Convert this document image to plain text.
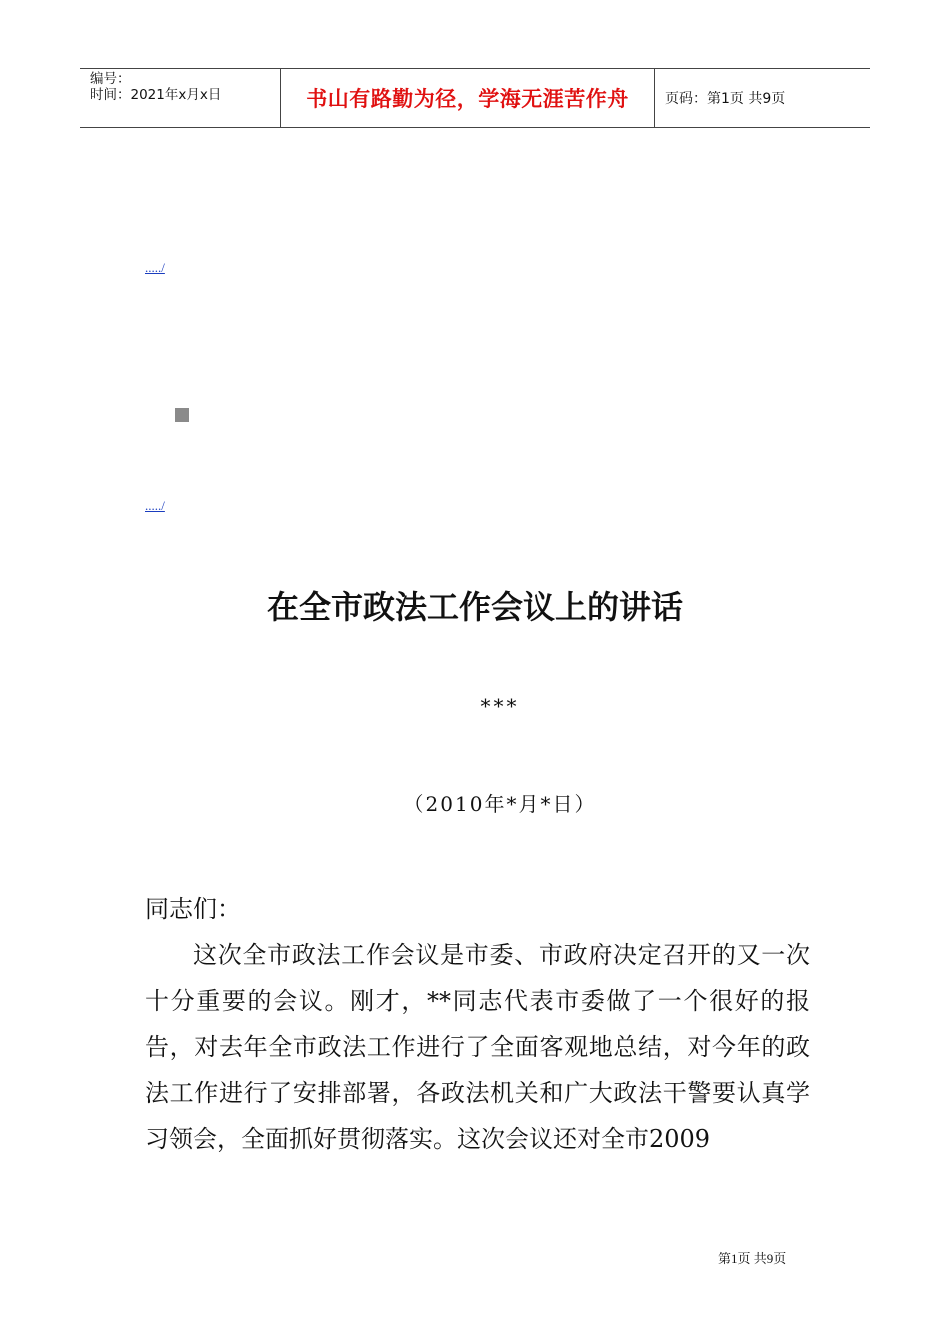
编号：
时间：2021年x月x日	书山有路勤为径，学海无涯苦作舟	页码：第1页 共9页
...../
...../
在全市政法工作会议上的讲话
***
（2010年*月*日）

同志们：

这次全市政法工作会议是市委、市政府决定召开的又一次十分重要的会议。刚才，**同志代表市委做了一个很好的报告，对去年全市政法工作进行了全面客观地总结，对今年的政法工作进行了安排部署，各政法机关和广大政法干警要认真学习领会，全面抓好贯彻落实。这次会议还对全市2009

第1页 共9页
